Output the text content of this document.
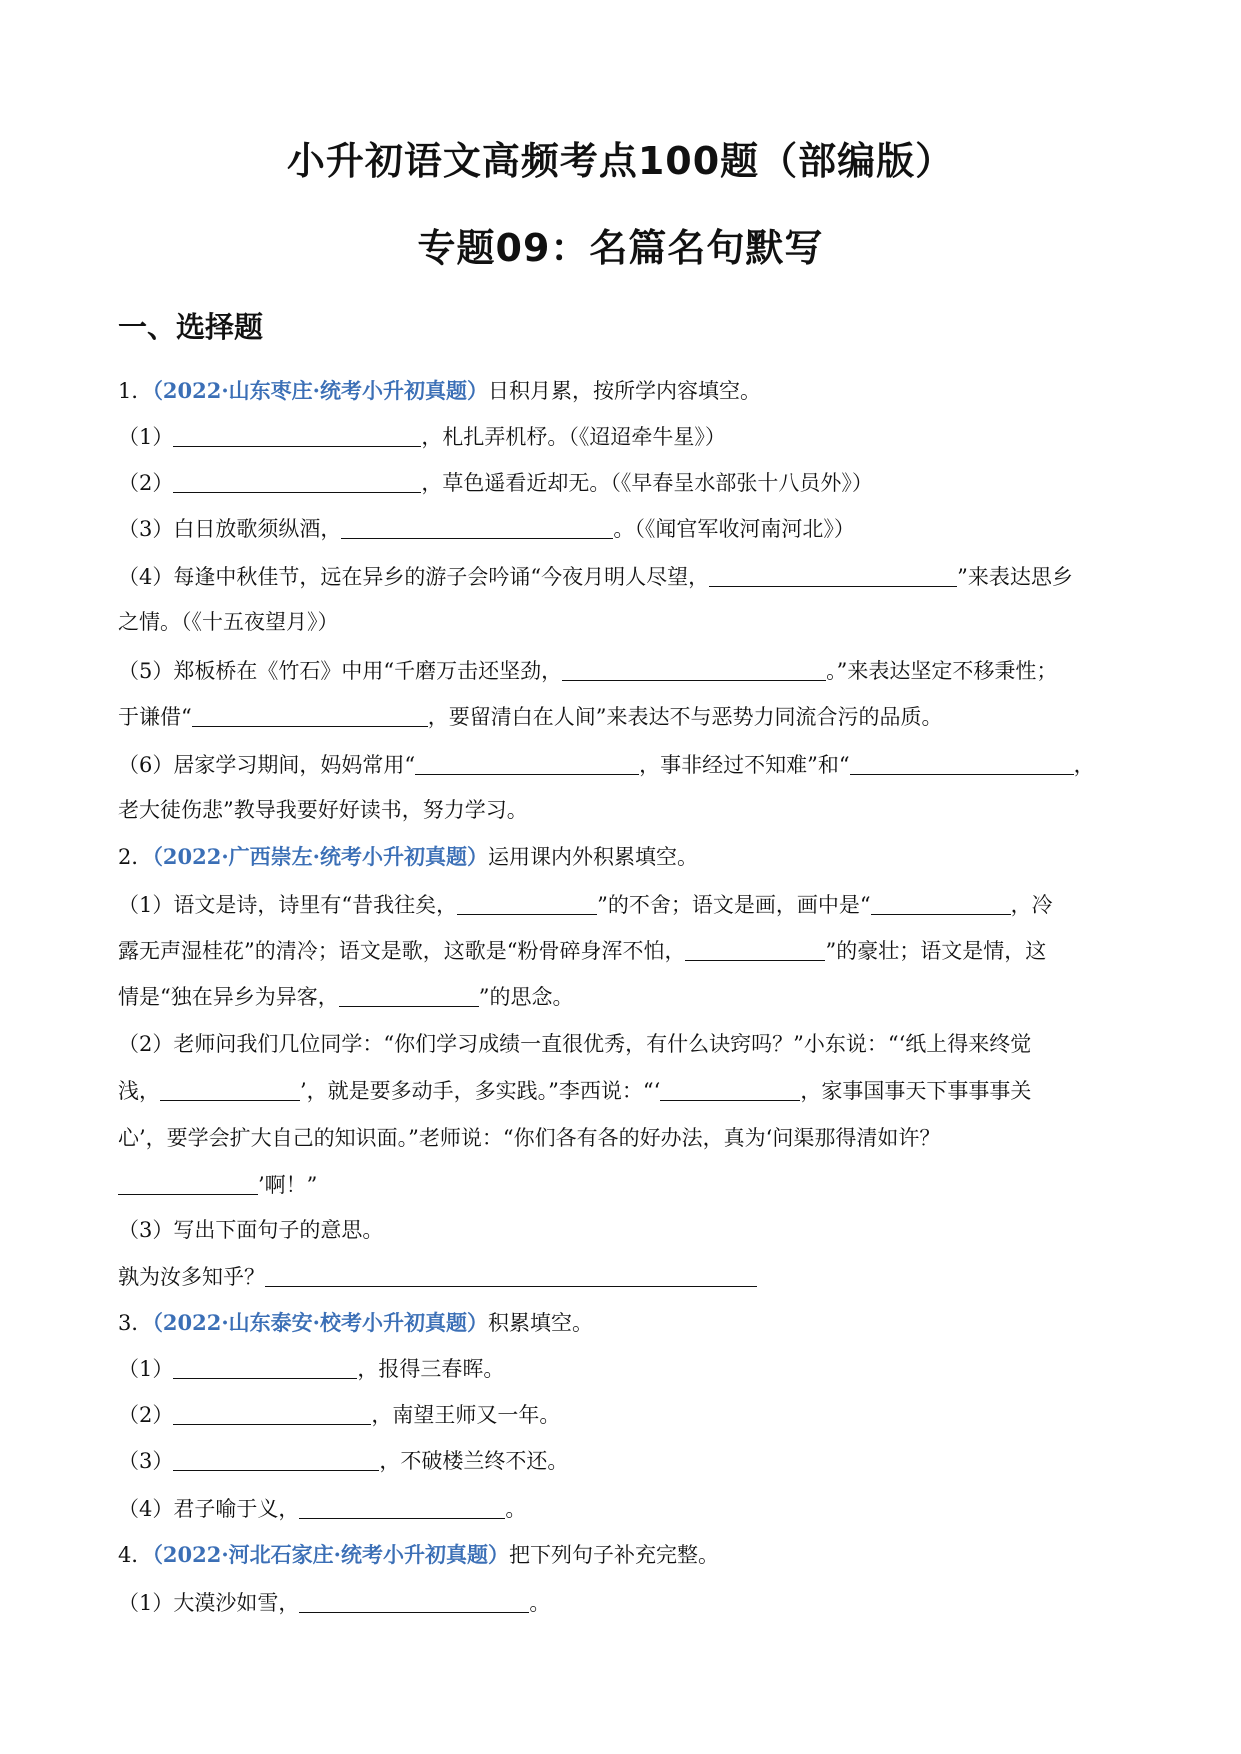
小升初语文高频考点100题（部编版）
专题09：名篇名句默写
一、选择题
1．（2022·山东枣庄·统考小升初真题）日积月累，按所学内容填空。
（1）	，札扎弄机杼。（《迢迢牵牛星》）
（2）	，草色遥看近却无。（《早春呈水部张十八员外》）
（3）白日放歌须纵酒，	。（《闻官军收河南河北》）
（4）每逢中秋佳节，远在异乡的游子会吟诵“今夜月明人尽望，	”来表达思乡
之情。（《十五夜望月》）
（5）郑板桥在《竹石》中用“千磨万击还坚劲，	。”来表达坚定不移秉性；
于谦借“	，要留清白在人间”来表达不与恶势力同流合污的品质。
（6）居家学习期间，妈妈常用“	，事非经过不知难”和“	，
老大徒伤悲”教导我要好好读书，努力学习。
2．（2022·广西崇左·统考小升初真题）运用课内外积累填空。
（1）语文是诗，诗里有“昔我往矣，	”的不舍；语文是画，画中是“	，冷
露无声湿桂花”的清冷；语文是歌，这歌是“粉骨碎身浑不怕，	”的豪壮；语文是情，这
情是“独在异乡为异客，	”的思念。
（2）老师问我们几位同学：“你们学习成绩一直很优秀，有什么诀窍吗？”小东说：“‘纸上得来终觉
浅，	’，就是要多动手，多实践。”李西说：“‘	，家事国事天下事事事关
心’，要学会扩大自己的知识面。”老师说：“你们各有各的好办法，真为‘问渠那得清如许？
’啊！”
（3）写出下面句子的意思。
孰为汝多知乎？
3．（2022·山东泰安·校考小升初真题）积累填空。
（1）	，报得三春晖。
（2）	，南望王师又一年。
（3）	，不破楼兰终不还。
（4）君子喻于义，	。
4．（2022·河北石家庄·统考小升初真题）把下列句子补充完整。
（1）大漠沙如雪，	。
